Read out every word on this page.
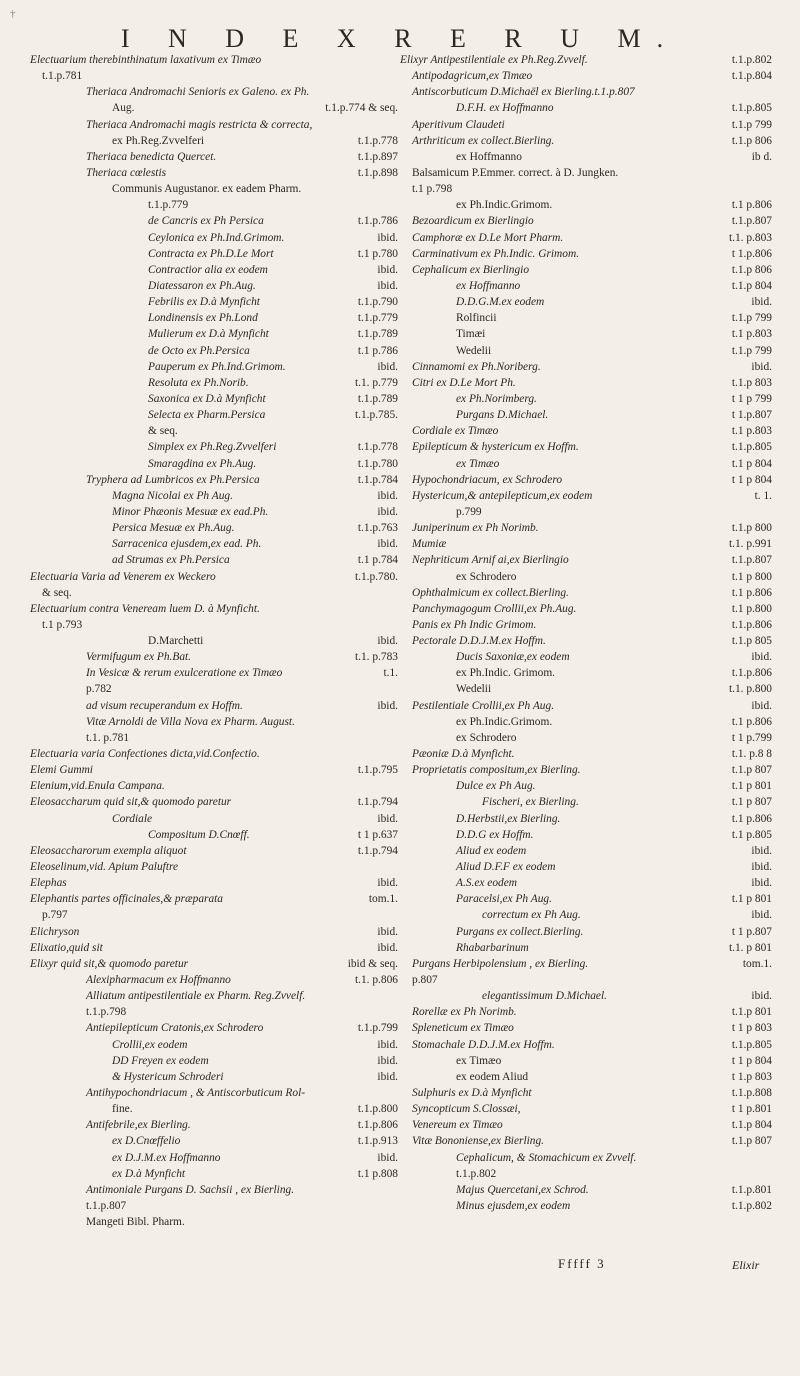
†
I N D E X R E R U M.
Electuarium therebinthinatum laxativum ex Timæo
t.1.p.781
Theriaca Andromachi Senioris ex Galeno. ex Ph.
Aug.	t.1.p.774 & seq.
Theriaca Andromachi magis restricta & correcta,
ex Ph.Reg.Zvvelferi	t.1.p.778
Theriaca benedicta Quercet.	t.1.p.897
Theriaca cœlestis	t.1.p.898
Communis Augustanor. ex eadem Pharm.
t.1.p.779
de Cancris ex Ph Persica	t.1.p.786
Ceylonica ex Ph.Ind.Grimom.	ibid.
Contracta ex Ph.D.Le Mort	t.1 p.780
Contractior alia ex eodem	ibid.
Diatessaron ex Ph.Aug.	ibid.
Febrilis ex D.à Mynficht	t.1.p.790
Londinensis ex Ph.Lond	t.1.p.779
Mulierum ex D.à Mynficht	t.1.p.789
de Octo ex Ph.Persica	t.1 p.786
Pauperum ex Ph.Ind.Grimom.	ibid.
Resoluta ex Ph.Norib.	t.1. p.779
Saxonica ex D.à Mynficht	t.1.p.789
Selecta ex Pharm.Persica	t.1.p.785.
& seq.
Simplex ex Ph.Reg.Zvvelferi	t.1.p.778
Smaragdina ex Ph.Aug.	t.1.p.780
Tryphera ad Lumbricos ex Ph.Persica	t.1.p.784
Magna Nicolai ex Ph Aug.	ibid.
Minor Phæonis Mesuæ ex ead.Ph.	ibid.
Persica Mesuæ ex Ph.Aug.	t.1.p.763
Sarracenica ejusdem,ex ead. Ph.	ibid.
ad Strumas ex Ph.Persica	t.1 p.784
Electuaria Varia ad Venerem ex Weckero	t.1.p.780.
& seq.
Electuarium contra Veneream luem D. à Mynficht.
t.1 p.793
D.Marchetti	ibid.
Vermifugum ex Ph.Bat.	t.1. p.783
In Vesicæ & rerum exulceratione ex Timæo	t.1.
p.782
ad visum recuperandum ex Hoffm.	ibid.
Vitæ Arnoldi de Villa Nova ex Pharm. August.
t.1. p.781
Electuaria varia Confectiones dicta,vid.Confectio.
Elemi Gummi	t.1.p.795
Elenium,vid.Enula Campana.
Eleosaccharum quid sit,& quomodo paretur	t.1.p.794
Cordiale	ibid.
Compositum D.Cnœff.	t 1 p.637
Eleosaccharorum exempla aliquot	t.1.p.794
Eleoselinum,vid. Apium Paluftre
Elephas	ibid.
Elephantis partes officinales,& præparata	tom.1.
p.797
Elichryson	ibid.
Elixatio,quid sit	ibid.
Elixyr quid sit,& quomodo paretur	ibid & seq.
Alexipharmacum ex Hoffmanno	t.1. p.806
Alliatum antipestilentiale ex Pharm. Reg.Zvvelf.
t.1.p.798
Antiepilepticum Cratonis,ex Schrodero	t.1.p.799
Crollii,ex eodem	ibid.
DD Freyen ex eodem	ibid.
& Hystericum Schroderi	ibid.
Antihypochondriacum , & Antiscorbuticum Rol-
fine.	t.1.p.800
Antifebrile,ex Bierling.	t.1.p.806
ex D.Cnœffelio	t.1.p.913
ex D.J.M.ex Hoffmanno	ibid.
ex D.à Mynficht	t.1 p.808
Antimoniale Purgans D. Sachsii , ex Bierling.
t.1.p.807
Mangeti Bibl. Pharm.
Elixyr Antipestilentiale ex Ph.Reg.Zvvelf.	t.1.p.802
Antipodagricum,ex Timæo	t.1.p.804
Antiscorbuticum D.Michaël ex Bierling.t.1.p.807
D.F.H. ex Hoffmanno	t.1.p.805
Aperitivum Claudeti	t.1.p 799
Arthriticum ex collect.Bierling.	t.1.p 806
ex Hoffmanno	ib d.
Balsamicum P.Emmer. correct. à D. Jungken.
t.1 p.798
ex Ph.Indic.Grimom.	t.1 p.806
Bezoardicum ex Bierlingio	t.1.p.807
Camphoræ ex D.Le Mort Pharm.	t.1. p.803
Carminativum ex Ph.Indic. Grimom.	t 1.p.806
Cephalicum ex Bierlingio	t.1.p 806
ex Hoffmanno	t.1.p 804
D.D.G.M.ex eodem	ibid.
Rolfincii	t.1.p 799
Timæi	t.1 p.803
Wedelii	t.1.p 799
Cinnamomi ex Ph.Noriberg.	ibid.
Citri ex D.Le Mort Ph.	t.1.p 803
ex Ph.Norimberg.	t 1 p 799
Purgans D.Michael.	t 1.p.807
Cordiale ex Timæo	t.1 p.803
Epilepticum & hystericum ex Hoffm.	t.1.p.805
ex Timæo	t.1 p 804
Hypochondriacum, ex Schrodero	t 1 p 804
Hystericum,& antepilepticum,ex eodem	t. 1.
p.799
Juniperinum ex Ph Norimb.	t.1.p 800
Mumiæ	t.1. p.991
Nephriticum Arnif ai,ex Bierlingio	t.1.p.807
ex Schrodero	t.1 p 800
Ophthalmicum ex collect.Bierling.	t.1 p.806
Panchymagogum Crollii,ex Ph.Aug.	t.1 p.800
Panis ex Ph Indic Grimom.	t.1.p.806
Pectorale D.D.J.M.ex Hoffm.	t.1.p 805
Ducis Saxoniæ,ex eodem	ibid.
ex Ph.Indic. Grimom.	t.1.p.806
Wedelii	t.1. p.800
Pestilentiale Crollii,ex Ph Aug.	ibid.
ex Ph.Indic.Grimom.	t.1 p.806
ex Schrodero	t 1 p.799
Pæoniæ D.à Mynficht.	t.1. p.8 8
Proprietatis compositum,ex Bierling.	t.1.p 807
Dulce ex Ph Aug.	t.1 p 801
Fischeri, ex Bierling.	t.1 p 807
D.Herbstii,ex Bierling.	t.1 p.806
D.D.G ex Hoffm.	t.1 p.805
Aliud ex eodem	ibid.
Aliud D.F.F ex eodem	ibid.
A.S.ex eodem	ibid.
Paracelsi,ex Ph Aug.	t.1 p 801
correctum ex Ph Aug.	ibid.
Purgans ex collect.Bierling.	t 1 p.807
Rhabarbarinum	t.1. p 801
Purgans Herbipolensium , ex Bierling.	tom.1.
p.807
elegantissimum D.Michael.	ibid.
Rorellæ ex Ph Norimb.	t.1.p 801
Spleneticum ex Timæo	t 1 p 803
Stomachale D.D.J.M.ex Hoffm.	t.1.p.805
ex Timæo	t 1 p 804
ex eodem Aliud	t 1.p 803
Sulphuris ex D.à Mynficht	t.1.p.808
Syncopticum S.Clossæi,	t 1 p.801
Venereum ex Timæo	t.1.p 804
Vitæ Bononiense,ex Bierling.	t.1.p 807
Cephalicum, & Stomachicum ex Zvvelf.
t.1.p.802
Majus Quercetani,ex Schrod.	t.1.p.801
Minus ejusdem,ex eodem	t.1.p.802
Fffff 3	Elixir
